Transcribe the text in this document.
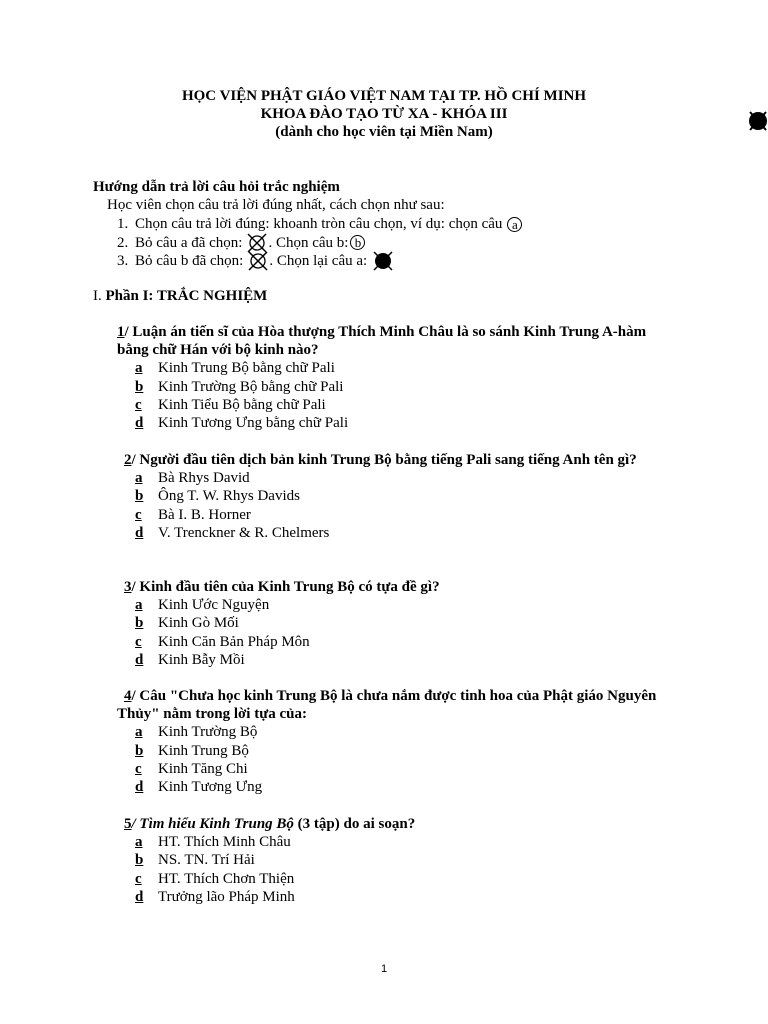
HỌC VIỆN PHẬT GIÁO VIỆT NAM TẠI TP. HỒ CHÍ MINH
KHOA ĐÀO TẠO TỪ XA - KHÓA III
(dành cho học viên tại Miền Nam)
Hướng dẫn trả lời câu hỏi trắc nghiệm
Học viên chọn câu trả lời đúng nhất, cách chọn như sau:
1. Chọn câu trả lời đúng: khoanh tròn câu chọn, ví dụ: chọn câu a
2. Bỏ câu a đã chọn: . Chọn câu b: b
3. Bỏ câu b đã chọn: . Chọn lại câu a:
I. Phần I: TRẮC NGHIỆM
1/ Luận án tiến sĩ của Hòa thượng Thích Minh Châu là so sánh Kinh Trung A-hàm bằng chữ Hán với bộ kinh nào?
a	Kinh Trung Bộ bằng chữ Pali
b Kinh Trường Bộ bằng chữ Pali
c	Kinh Tiểu Bộ bằng chữ Pali
d Kinh Tương Ưng bằng chữ Pali
2/ Người đầu tiên dịch bản kinh Trung Bộ bằng tiếng Pali sang tiếng Anh tên gì?
a	Bà Rhys David
b Ông T. W. Rhys Davids
c	Bà I. B. Horner
d V. Trenckner & R. Chelmers
3/ Kinh đầu tiên của Kinh Trung Bộ có tựa đề gì?
a	Kinh Ước Nguyện
b Kinh Gò Mối
c	Kinh Căn Bản Pháp Môn
d Kinh Bẫy Mồi
4/ Câu "Chưa học kinh Trung Bộ là chưa nắm được tinh hoa của Phật giáo Nguyên Thủy" nằm trong lời tựa của:
a	Kinh Trường Bộ
b Kinh Trung Bộ
c	Kinh Tăng Chi
d Kinh Tương Ưng
5/ Tìm hiểu Kinh Trung Bộ (3 tập) do ai soạn?
a	HT. Thích Minh Châu
b NS. TN. Trí Hải
c	HT. Thích Chơn Thiện
d Trưởng lão Pháp Minh
1
